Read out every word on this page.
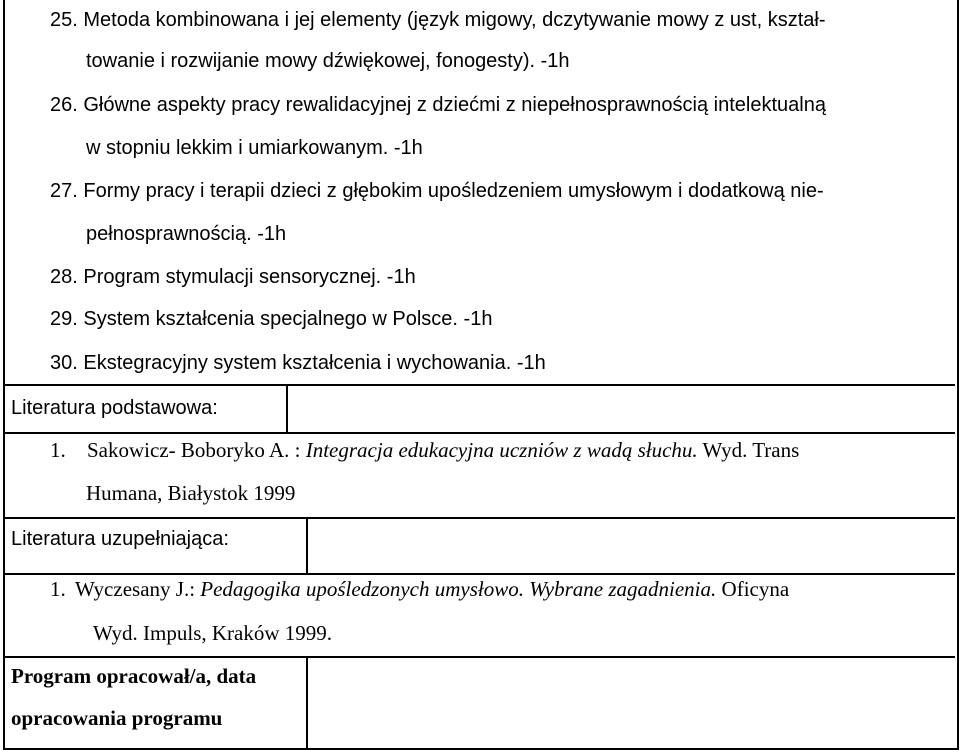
25. Metoda kombinowana i jej elementy (język migowy, dczytywanie mowy z ust, kształ-
towanie i rozwijanie mowy dźwiękowej, fonogesty). -1h
26. Główne aspekty pracy rewalidacyjnej z dziećmi z niepełnosprawnością intelektualną
w stopniu lekkim i umiarkowanym. -1h
27. Formy pracy i terapii dzieci z głębokim upośledzeniem umysłowym i dodatkową nie-
pełnosprawnością. -1h
28. Program stymulacji sensorycznej. -1h
29. System kształcenia specjalnego w Polsce. -1h
30. Ekstegracyjny system kształcenia i wychowania. -1h
Literatura podstawowa:
1. Sakowicz- Boboryko A. : Integracja edukacyjna uczniów z wadą słuchu. Wyd. Trans
Humana, Białystok 1999
Literatura uzupełniająca:
1. Wyczesany J.: Pedagogika upośledzonych umysłowo. Wybrane zagadnienia. Oficyna
Wyd. Impuls, Kraków 1999.
Program opracował/a, data
opracowania programu
